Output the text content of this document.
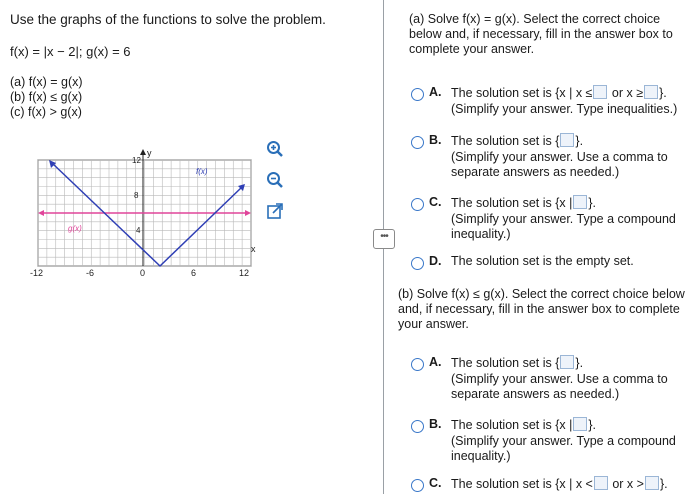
Use the graphs of the functions to solve the problem.
f(x) = |x − 2|; g(x) = 6
(a) f(x) = g(x)
(b) f(x) ≤ g(x)
(c) f(x) > g(x)
y
x
f(x)
g(x)
-12	-6	0	6	12
12
8
4
•••
(a) Solve f(x) = g(x). Select the correct choice below and, if necessary, fill in the answer box to complete your answer.
A. The solution set is {x | x ≤ or x ≥ }.
(Simplify your answer. Type inequalities.)
B. The solution set is { }.
(Simplify your answer. Use a comma to
separate answers as needed.)
C. The solution set is {x | }.
(Simplify your answer. Type a compound
inequality.)
D. The solution set is the empty set.
(b) Solve f(x) ≤ g(x). Select the correct choice below and, if necessary, fill in the answer box to complete your answer.
A. The solution set is { }.
(Simplify your answer. Use a comma to
separate answers as needed.)
B. The solution set is {x | }.
(Simplify your answer. Type a compound
inequality.)
C. The solution set is {x | x < or x > }.
